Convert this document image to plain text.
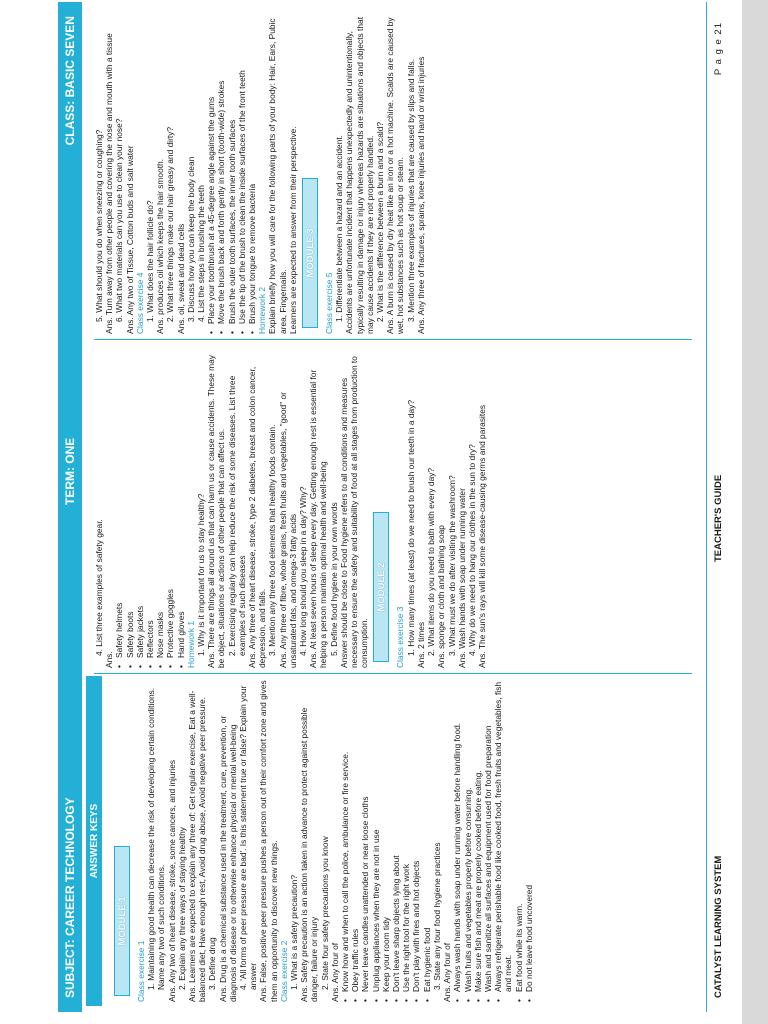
SUBJECT: CAREER TECHNOLOGY
TERM: ONE
CLASS: BASIC SEVEN
ANSWER KEYS
MODULE 1
Class exercise 1 1. Maintaining good health can decrease the risk of developing certain conditions. Name any two of such conditions. Ans. Any two of heart disease, stroke, some cancers, and injuries 2. Explain any three ways of staying healthy Ans. Learners are expected to explain any three of: Get regular exercise, Eat a well-balanced diet, Have enough rest, Avoid drug abuse, Avoid negative peer pressure. 3. Define drug Ans. Drug is a chemical substance used in the treatment, cure, prevention, or diagnosis of disease or to otherwise enhance physical or mental well-being 4. 'All forms of peer pressure are bad'. Is this statement true or false? Explain your answer Ans. False, positive peer pressure pushes a person out of their comfort zone and gives them an opportunity to discover new things. Class exercise 2 1. What is a safety precaution? Ans. Safety precaution is an action taken in advance to protect against possible danger, failure or injury 2. State four safety precautions you know Ans. Any four of • Know how and when to call the police, ambulance or fire service. • Obey traffic rules • Never leave candles unattended or near loose cloths • Unplug appliances when they are not in use • Keep your room tidy • Don't leave sharp objects lying about • Use the right tool for the right work • Don't play with fires and hot objects • Eat hygienic food 3. State any four food hygiene practices Ans. Any four of • Always wash hands with soap under running water before handling food. • Wash fruits and vegetables properly before consuming. • Make sure fish and meat are properly cooked before eating. • Wash and sanitize all surfaces and equipment used for food preparation • Always refrigerate perishable food like cooked food, fresh fruits and vegetables, fish and meat. • Eat food while its warm. • Do not leave food uncovered
4. List three examples of safety gear.
Ans.
• Safety helmets • Safety boots • Safety jackets • Reflectors • Nose masks • Protective goggles • Hand gloves Homework 1 1. Why is it important for us to stay healthy? Ans. There are things all around us that can harm us or cause accidents. These may be object, situations or actions of other people that can affect us. 2. Exercising regularly can help reduce the risk of some diseases. List three examples of such diseases Ans. Any three of heart disease, stroke, type 2 diabetes, breast and colon cancer, depression, and falls. 3. Mention any three food elements that healthy foods contain. Ans. Any three of fibre, whole grains, fresh fruits and vegetables, "good" or unsaturated fats, and omega-3 fatty acids 4. How long should you sleep in a day? Why? Ans. At least seven hours of sleep every day. Getting enough rest is essential for helping a person maintain optimal health and well-being 5. Define food hygiene in your own words Answer should be close to Food hygiene refers to all conditions and measures necessary to ensure the safety and suitability of food at all stages from production to consumption.
MODULE 2
Class exercise 3 1. How many times (at least) do we need to brush our teeth in a day? Ans. 2 times 2. What items do you need to bath with every day? Ans. sponge or cloth and bathing soap 3. What must we do after visiting the washroom? Ans. Wash hands with soap under running water 4. Why do we need to hang our clothes in the sun to dry? Ans. The sun's rays will kill some disease-causing germs and parasites
5. What should you do when sneezing or coughing? Ans. Turn away from other people and covering the nose and mouth with a tissue 6. What two materials can you use to clean your nose? Ans. Any two of Tissue, Cotton buds and salt water Class exercise 4 1. What does the hair follicle do? Ans. produces oil which keeps the hair smooth. 2. What three things make our hair greasy and dirty? Ans. oil, sweat and dead cells 3. Discuss how you can keep the body clean 4. List the steps in brushing the teeth • Place your toothbrush at a 45-degree angle against the gums • Move the brush back and forth gently in short (tooth-wide) strokes • Brush the outer tooth surfaces, the inner tooth surfaces • Use the tip of the brush to clean the inside surfaces of the front teeth • Brush your tongue to remove bacteria Homework 2 Explain briefly how you will care for the following parts of your body: Hair, Ears, Pubic area, Fingernails. Learners are expected to answer from their perspective. MODULE 3
Class exercise 5 1. Differentiate between a hazard and an accident. Accidents are unfortunate incident that happens unexpectedly and unintentionally, typically resulting in damage or injury whereas hazards are situations and objects that may cause accidents if they are not properly handled. 2. What is the difference between a burn and a scald? Ans. A burn is caused by dry heat like an iron or a hot machine. Scalds are caused by wet, hot substances such as hot soup or steam. 3. Mention three examples of injuries that are caused by slips and falls. Ans. Any three of fractures, sprains, knee injuries and hand or wrist injuries
CATALYST LEARNING SYSTEM
TEACHER'S GUIDE
P a g e 21
